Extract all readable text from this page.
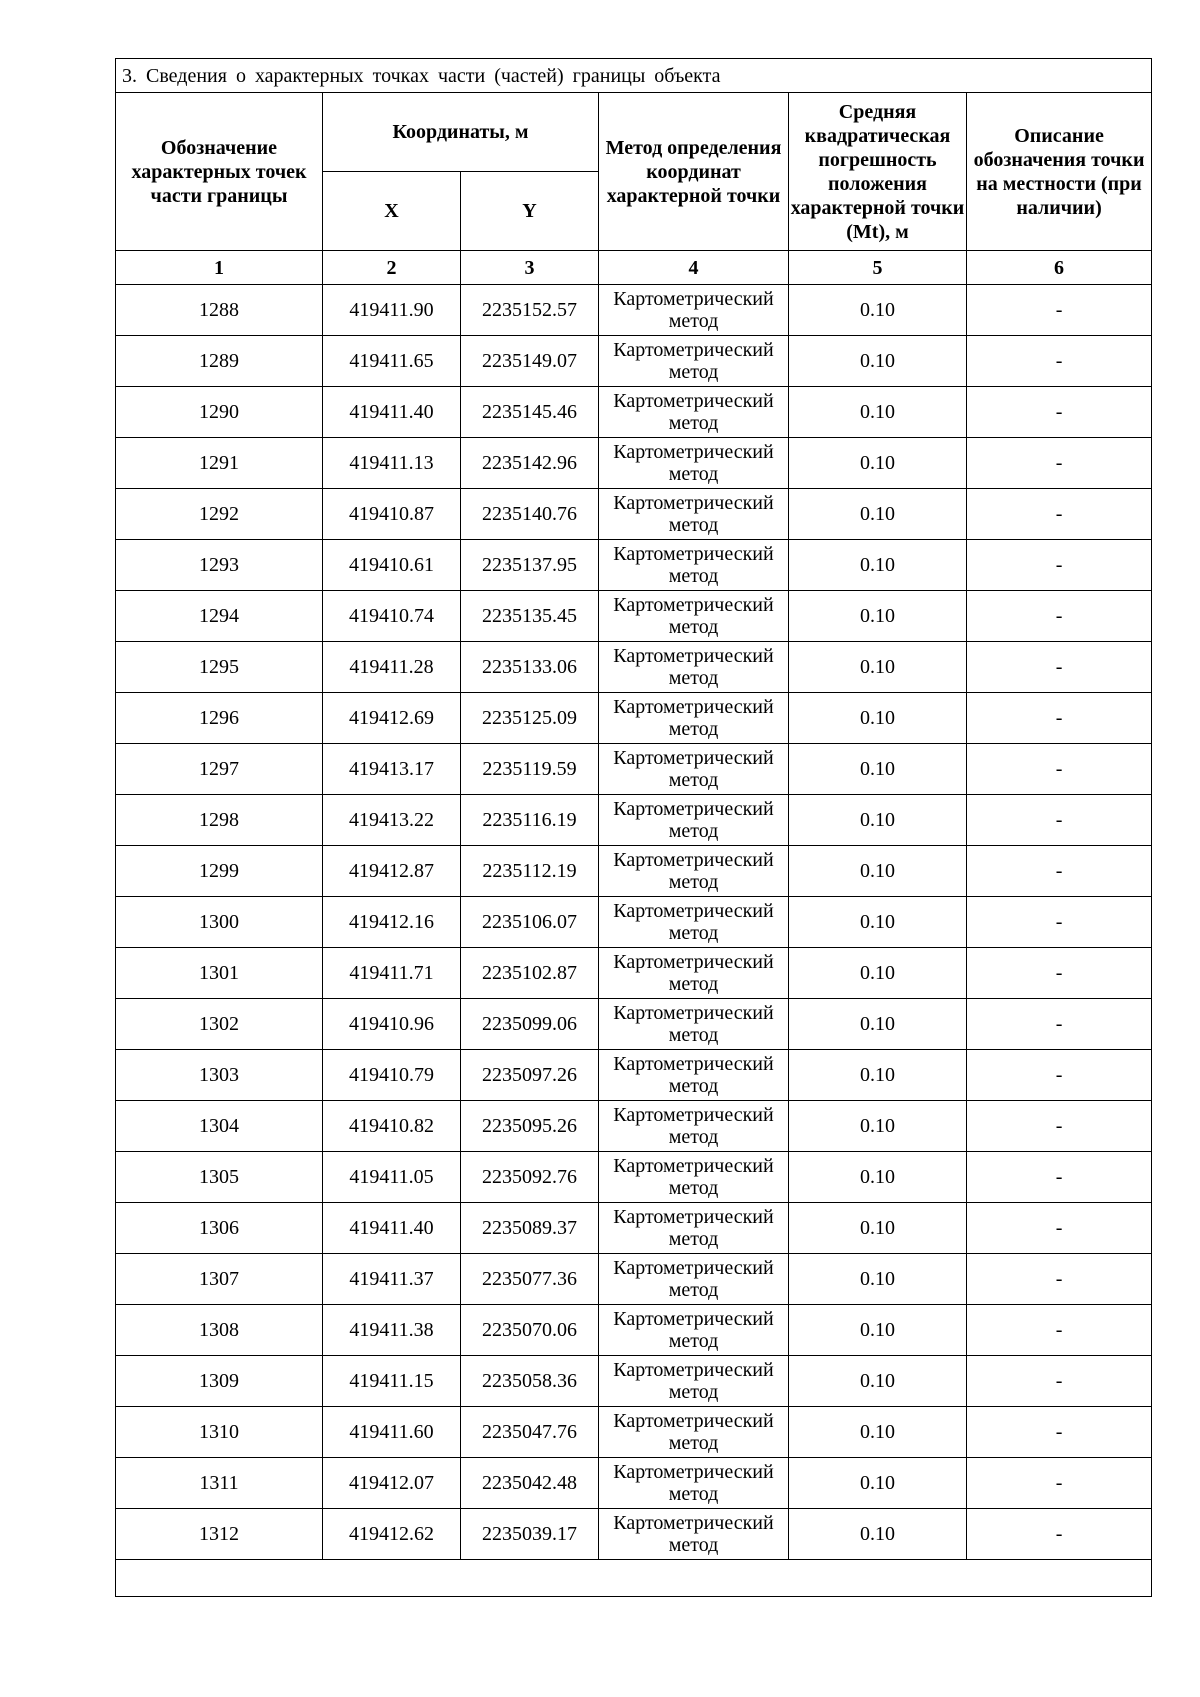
3. Сведения о характерных точках части (частей) границы объекта					
Обозначение характерных точек части границы	Координаты, м		Метод определения координат характерной точки	Средняя квадратическая погрешность положения характерной точки (Mt), м	Описание обозначения точки на местности (при наличии)
	X	Y			
1	2	3	4	5	6
1288	419411.90	2235152.57	Картометрический метод	0.10	-
1289	419411.65	2235149.07	Картометрический метод	0.10	-
1290	419411.40	2235145.46	Картометрический метод	0.10	-
1291	419411.13	2235142.96	Картометрический метод	0.10	-
1292	419410.87	2235140.76	Картометрический метод	0.10	-
1293	419410.61	2235137.95	Картометрический метод	0.10	-
1294	419410.74	2235135.45	Картометрический метод	0.10	-
1295	419411.28	2235133.06	Картометрический метод	0.10	-
1296	419412.69	2235125.09	Картометрический метод	0.10	-
1297	419413.17	2235119.59	Картометрический метод	0.10	-
1298	419413.22	2235116.19	Картометрический метод	0.10	-
1299	419412.87	2235112.19	Картометрический метод	0.10	-
1300	419412.16	2235106.07	Картометрический метод	0.10	-
1301	419411.71	2235102.87	Картометрический метод	0.10	-
1302	419410.96	2235099.06	Картометрический метод	0.10	-
1303	419410.79	2235097.26	Картометрический метод	0.10	-
1304	419410.82	2235095.26	Картометрический метод	0.10	-
1305	419411.05	2235092.76	Картометрический метод	0.10	-
1306	419411.40	2235089.37	Картометрический метод	0.10	-
1307	419411.37	2235077.36	Картометрический метод	0.10	-
1308	419411.38	2235070.06	Картометрический метод	0.10	-
1309	419411.15	2235058.36	Картометрический метод	0.10	-
1310	419411.60	2235047.76	Картометрический метод	0.10	-
1311	419412.07	2235042.48	Картометрический метод	0.10	-
1312	419412.62	2235039.17	Картометрический метод	0.10	-
